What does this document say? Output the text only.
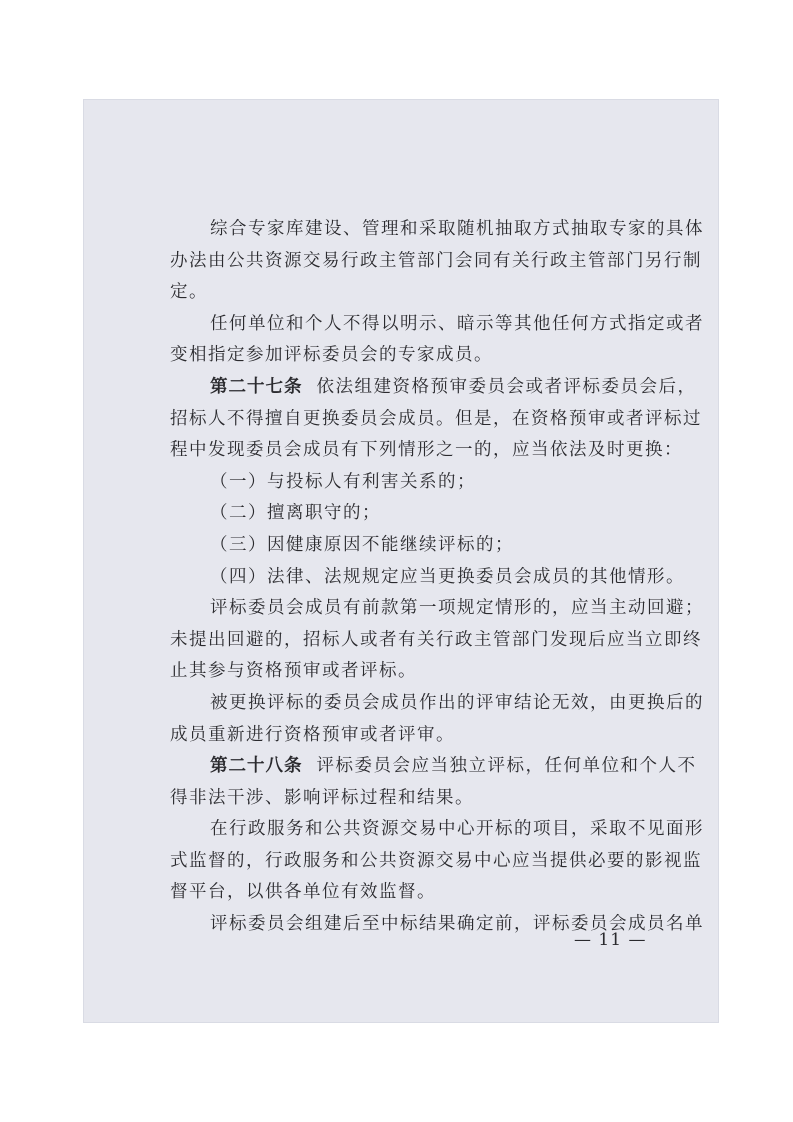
综合专家库建设、管理和采取随机抽取方式抽取专家的具体
办法由公共资源交易行政主管部门会同有关行政主管部门另行制
定。
任何单位和个人不得以明示、暗示等其他任何方式指定或者
变相指定参加评标委员会的专家成员。
第二十七条 依法组建资格预审委员会或者评标委员会后，
招标人不得擅自更换委员会成员。但是，在资格预审或者评标过
程中发现委员会成员有下列情形之一的，应当依法及时更换：
（一）与投标人有利害关系的；
（二）擅离职守的；
（三）因健康原因不能继续评标的；
（四）法律、法规规定应当更换委员会成员的其他情形。
评标委员会成员有前款第一项规定情形的，应当主动回避；
未提出回避的，招标人或者有关行政主管部门发现后应当立即终
止其参与资格预审或者评标。
被更换评标的委员会成员作出的评审结论无效，由更换后的
成员重新进行资格预审或者评审。
第二十八条 评标委员会应当独立评标，任何单位和个人不
得非法干涉、影响评标过程和结果。
在行政服务和公共资源交易中心开标的项目，采取不见面形
式监督的，行政服务和公共资源交易中心应当提供必要的影视监
督平台，以供各单位有效监督。
评标委员会组建后至中标结果确定前，评标委员会成员名单
— 11 —
